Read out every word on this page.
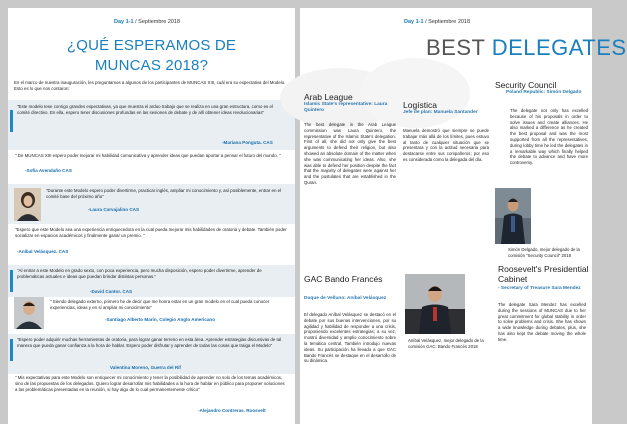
Day 1-1 / Septiembre 2018
¿QUÉ ESPERAMOS DE
MUNCAS 2018?

En el marco de nuestra inauguración, les preguntamos a algunos de los participantes de MUNCAS XIII, cuál era su expectativa del Modelo. Esto es lo que nos contaron:

"Este modelo tese conrigo grandes espectativas, ya que muestra el arduo trabajo que se realiza en una gran estructura, como es el comité directivo. En ella, espero tener discusiones profundas en las sesiones de debate y de allí obtener ideas revolucionarias"

-Mariana Ponguta. CAS

" De MUNCAS XIII espero poder mejorar mi habilidad comunicativa y aprender ideas que puedan aportar a pensar el futuro del mundo. "

-Sofía Avendaño CAS

"Durante este Modelo espero poder divertirme, practicar inglés, ampliar mi conocimiento y, así posiblemente, entrar en el comité base del próximo año"

-Laura Carvajalino CAS

"Espero que este Modelo sea una experiencia enriquecedora en la cual pueda mejorar mis habilidades de oratoria y debate. También poder socializar en espacios académicos y finalmente ganar un premio. "

-Aníbal Velásquez. CAS

"Al entrar a este Modelo en grado sexto, con poca experiencia, pero mucha disposición, espero poder divertirme, aprender de problemáticas actuales e ideas que puedan brindar distintas personas."

-David Cantor. CAS

" Siendo delegado externo, primero he de decir que me honra estar en un gran modelo en el cual pueda conocer experiencias, ideas y en sí ampliar mi conocimiento"

-Santiago Alberto Marin, Colegio Anglo Americano

"Espero poder adquirir muchas herramientas de oratoria, para lograr ganar terreno en esta área. Aprender estrategias discursivas de tal manera que pueda ganar confianza a la hora de hablar. Espero poder disfrutar y aprender de todas las cosas que traiga el Modelo"

Valentina Moreno, Guerra del Rif

" Mis expectativas para este Modelo son enriquecer mi conocimiento y tener la posibilidad de aprender no solo de los temas académicos, sino de las propuestas de los delegados. Quiero lograr desarrollar mis habilidades a la hora de hablar en público para proponer soluciones a las problemáticas presentadas en la reunión, si hay algo de lo cual permanentemente crítico"

-Alejandro Contreras. Roosvelt
Day 1-1 / Septiembre 2018
BEST DELEGATES

Arab League

Islamic State's representative: Laura Quintero

The best delegate in the Arab League commission was Laura Quintero, the representative of the Islamic State's delegation. First of all, she did not only give the best arguments to defend their religion, but also showed an absolute domain of the matter when she was communicating her ideas. Also, she was able to defend her position despite the fact that the majority of delegates were against her and the postulates that are established in the Quran.

Logística

Jefe de plan: Manuela Santander

Manuela demostró que siempre se puede trabajar más allá de los límites, pues estuvo al tanto de cualquier situación que se presentara y con la actitud necesaria para destacarse entre sus compañeros; por eso es considerada como la delegada del día.

Security Council

Poland Republic: Simón Delgado

The delegate not only has excelled because of his proposals in order to solve issues and create alliances. He also marked a difference as he created the best proposal and was the most supported from all the representatives, during lobby time he led the delegates in a remarkable way which finally helped the debate to advance and have more controversy.

Simón Delgado, mejor delegado de la comisión "Security Council" 2018

GAC Bando Francés

Duque de Velluno: Aníbal Velásquez

El delegado Aníbal Velásquez se destacó en el debate por sus buenas intervenciones, por su agilidad y habilidad de responder a una crisis, proponiendo excelentes estrategias; a su vez, mostró diversidad y amplio conocimiento sobre la temática central. También introdujo nuevas ideas. Su participación ha llevado a que GAC Bando Francés se destaque en el desarrollo de su dinámica.

Aníbal Velásquez, mejor delegado de la comisión GAC: Bando Francés 2018

Roosevelt's Presidential Cabinet

- Secretary of Treasure Sara Mendez

The delegate Sara Mendez has excelled during the sessions of MUNCAS due to her great commitment for global stability in order to solve problems and crisis. She has shown a wide knowledge during debates, plus, she has also kept the debate moving the whole time.
